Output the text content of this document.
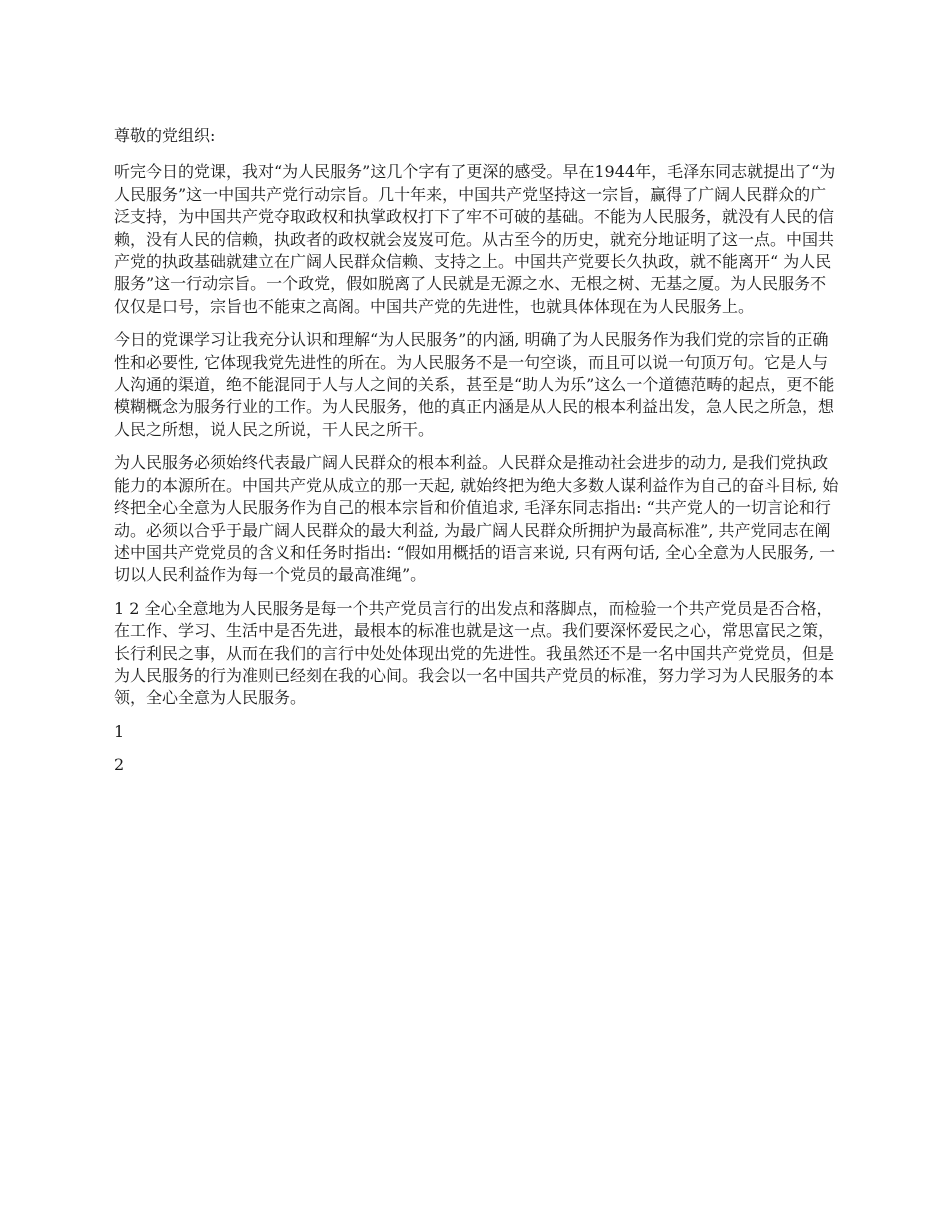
尊敬的党组织:

听完今日的党课，我对“为人民服务”这几个字有了更深的感受。早在1944年，毛泽东同志就提出了“为人民服务”这一中国共产党行动宗旨。几十年来，中国共产党坚持这一宗旨，赢得了广阔人民群众的广泛支持，为中国共产党夺取政权和执掌政权打下了牢不可破的基础。不能为人民服务，就没有人民的信赖，没有人民的信赖，执政者的政权就会岌岌可危。从古至今的历史，就充分地证明了这一点。中国共产党的执政基础就建立在广阔人民群众信赖、支持之上。中国共产党要长久执政，就不能离开“ 为人民服务”这一行动宗旨。一个政党，假如脱离了人民就是无源之水、无根之树、无基之厦。为人民服务不仅仅是口号，宗旨也不能束之高阁。中国共产党的先进性，也就具体体现在为人民服务上。

今日的党课学习让我充分认识和理解“为人民服务”的内涵, 明确了为人民服务作为我们党的宗旨的正确性和必要性, 它体现我党先进性的所在。为人民服务不是一句空谈，而且可以说一句顶万句。它是人与人沟通的渠道，绝不能混同于人与人之间的关系，甚至是“助人为乐”这么一个道德范畴的起点，更不能模糊概念为服务行业的工作。为人民服务，他的真正内涵是从人民的根本利益出发，急人民之所急，想人民之所想，说人民之所说，干人民之所干。

为人民服务必须始终代表最广阔人民群众的根本利益。人民群众是推动社会进步的动力, 是我们党执政能力的本源所在。中国共产党从成立的那一天起, 就始终把为绝大多数人谋利益作为自己的奋斗目标, 始终把全心全意为人民服务作为自己的根本宗旨和价值追求, 毛泽东同志指出: “共产党人的一切言论和行动。必须以合乎于最广阔人民群众的最大利益, 为最广阔人民群众所拥护为最高标准”, 共产党同志在阐述中国共产党党员的含义和任务时指出: “假如用概括的语言来说, 只有两句话, 全心全意为人民服务, 一切以人民利益作为每一个党员的最高准绳”。

1 2 全心全意地为人民服务是每一个共产党员言行的出发点和落脚点，而检验一个共产党员是否合格，在工作、学习、生活中是否先进，最根本的标准也就是这一点。我们要深怀爱民之心，常思富民之策，长行利民之事，从而在我们的言行中处处体现出党的先进性。我虽然还不是一名中国共产党党员，但是为人民服务的行为准则已经刻在我的心间。我会以一名中国共产党员的标准，努力学习为人民服务的本领，全心全意为人民服务。

1

2
